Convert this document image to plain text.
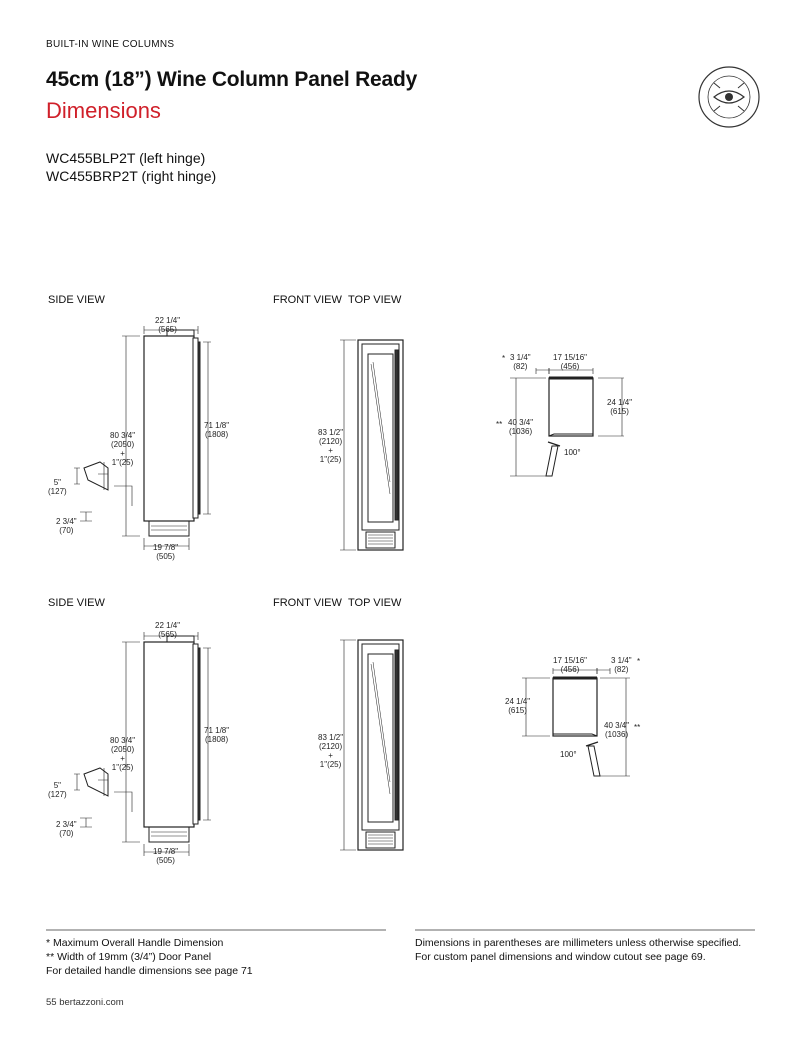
BUILT-IN WINE COLUMNS
45cm (18”) Wine Column Panel Ready
Dimensions
WC455BLP2T (left hinge)
WC455BRP2T (right hinge)
SIDE VIEW	FRONT VIEW TOP VIEW
SIDE VIEW	FRONT VIEW TOP VIEW
22 1/4"
(565)
80 3/4"
(2050)
+
1"(25)
71 1/8"
(1808)
5"
(127)
2 3/4"
(70)
19 7/8"
(505)
83 1/2"
(2120)
+
1"(25)
* 3 1/4"
(82)
17 15/16"
(456)
24 1/4"
(615)
** 40 3/4"
(1036)
100°
22 1/4"
(565)
80 3/4"
(2050)
+
1"(25)
71 1/8"
(1808)
5"
(127)
2 3/4"
(70)
19 7/8"
(505)
83 1/2"
(2120)
+
1"(25)
17 15/16"
(456)
3 1/4"
(82)
*
24 1/4"
(615)
40 3/4"
(1036)
**
100°
* Maximum Overall Handle Dimension
** Width of 19mm (3/4”) Door Panel
For detailed handle dimensions see page 71
Dimensions in parentheses are millimeters unless otherwise specified.
For custom panel dimensions and window cutout see page 69.
55 bertazzoni.com
